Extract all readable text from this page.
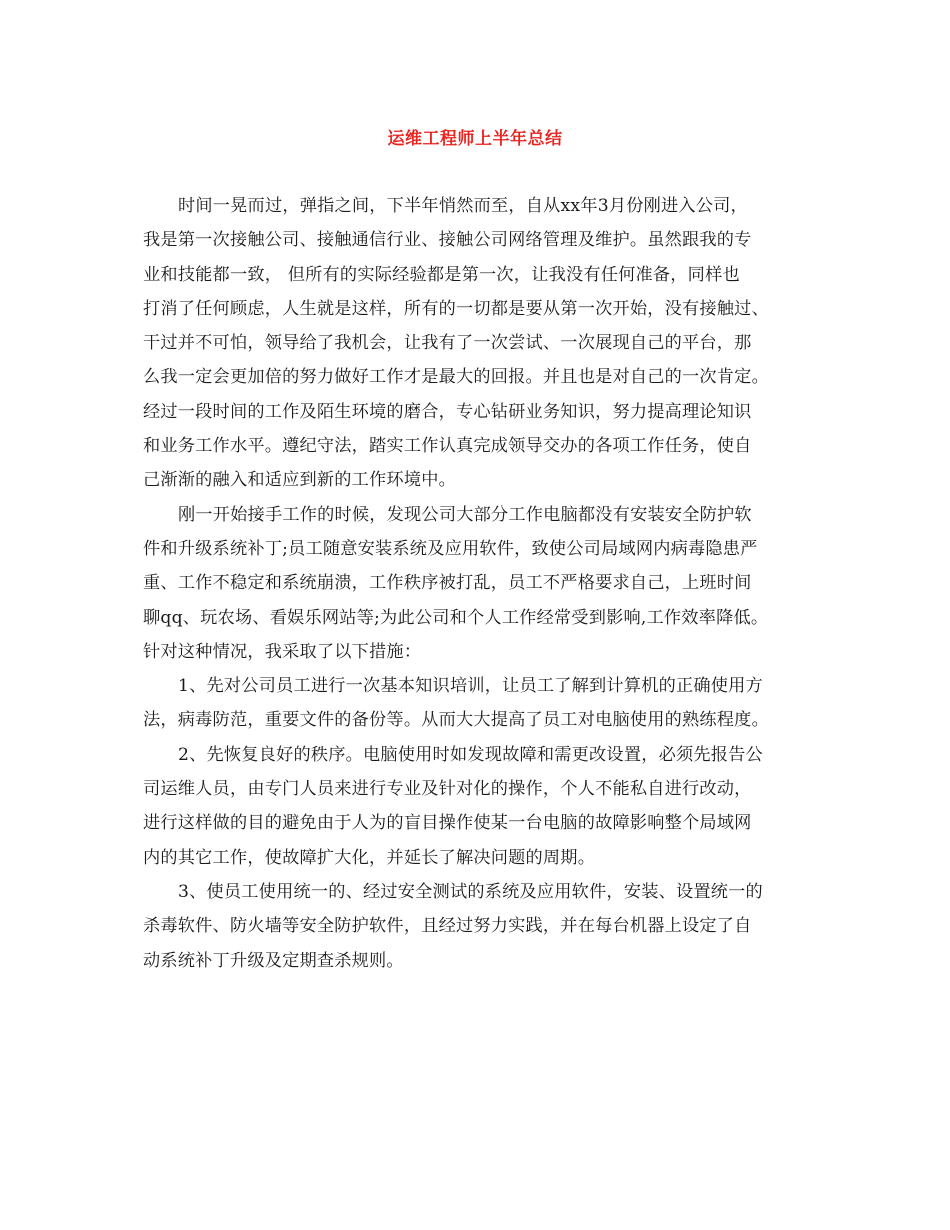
运维工程师上半年总结
时间一晃而过，弹指之间，下半年悄然而至，自从xx年3月份刚进入公司，
我是第一次接触公司、接触通信行业、接触公司网络管理及维护。虽然跟我的专
业和技能都一致， 但所有的实际经验都是第一次，让我没有任何准备，同样也
打消了任何顾虑，人生就是这样，所有的一切都是要从第一次开始，没有接触过、
干过并不可怕，领导给了我机会，让我有了一次尝试、一次展现自己的平台，那
么我一定会更加倍的努力做好工作才是最大的回报。并且也是对自己的一次肯定。
经过一段时间的工作及陌生环境的磨合，专心钻研业务知识，努力提高理论知识
和业务工作水平。遵纪守法，踏实工作认真完成领导交办的各项工作任务，使自
己渐渐的融入和适应到新的工作环境中。
刚一开始接手工作的时候，发现公司大部分工作电脑都没有安装安全防护软
件和升级系统补丁;员工随意安装系统及应用软件，致使公司局域网内病毒隐患严
重、工作不稳定和系统崩溃，工作秩序被打乱，员工不严格要求自己，上班时间
聊qq、玩农场、看娱乐网站等;为此公司和个人工作经常受到影响,工作效率降低。
针对这种情况，我采取了以下措施：
1、先对公司员工进行一次基本知识培训，让员工了解到计算机的正确使用方
法，病毒防范，重要文件的备份等。从而大大提高了员工对电脑使用的熟练程度。
2、先恢复良好的秩序。电脑使用时如发现故障和需更改设置，必须先报告公
司运维人员，由专门人员来进行专业及针对化的操作，个人不能私自进行改动，
进行这样做的目的避免由于人为的盲目操作使某一台电脑的故障影响整个局域网
内的其它工作，使故障扩大化，并延长了解决问题的周期。
3、使员工使用统一的、经过安全测试的系统及应用软件，安装、设置统一的
杀毒软件、防火墙等安全防护软件，且经过努力实践，并在每台机器上设定了自
动系统补丁升级及定期查杀规则。
